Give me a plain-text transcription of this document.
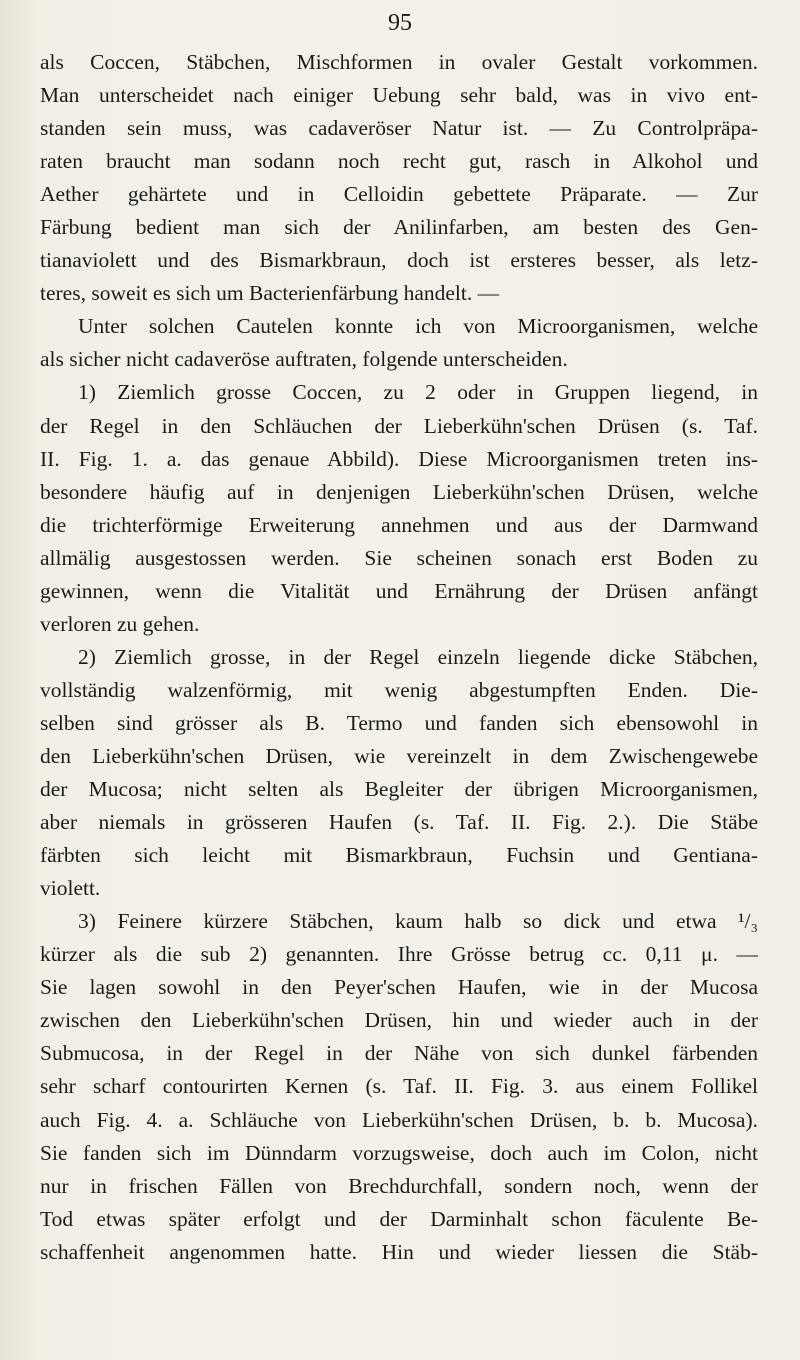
95
als Coccen, Stäbchen, Mischformen in ovaler Gestalt vorkommen.
Man unterscheidet nach einiger Uebung sehr bald, was in vivo ent-
standen sein muss, was cadaveröser Natur ist. — Zu Controlpräpa-
raten braucht man sodann noch recht gut, rasch in Alkohol und
Aether gehärtete und in Celloidin gebettete Präparate. — Zur
Färbung bedient man sich der Anilinfarben, am besten des Gen-
tianaviolett und des Bismarkbraun, doch ist ersteres besser, als letz-
teres, soweit es sich um Bacterienfärbung handelt. —
Unter solchen Cautelen konnte ich von Microorganismen, welche
als sicher nicht cadaveröse auftraten, folgende unterscheiden.
1) Ziemlich grosse Coccen, zu 2 oder in Gruppen liegend, in
der Regel in den Schläuchen der Lieberkühn'schen Drüsen (s. Taf.
II. Fig. 1. a. das genaue Abbild). Diese Microorganismen treten ins-
besondere häufig auf in denjenigen Lieberkühn'schen Drüsen, welche
die trichterförmige Erweiterung annehmen und aus der Darmwand
allmälig ausgestossen werden. Sie scheinen sonach erst Boden zu
gewinnen, wenn die Vitalität und Ernährung der Drüsen anfängt
verloren zu gehen.
2) Ziemlich grosse, in der Regel einzeln liegende dicke Stäbchen,
vollständig walzenförmig, mit wenig abgestumpften Enden. Die-
selben sind grösser als B. Termo und fanden sich ebensowohl in
den Lieberkühn'schen Drüsen, wie vereinzelt in dem Zwischengewebe
der Mucosa; nicht selten als Begleiter der übrigen Microorganismen,
aber niemals in grösseren Haufen (s. Taf. II. Fig. 2.). Die Stäbe
färbten sich leicht mit Bismarkbraun, Fuchsin und Gentiana-
violett.
3) Feinere kürzere Stäbchen, kaum halb so dick und etwa ¹/₃
kürzer als die sub 2) genannten. Ihre Grösse betrug cc. 0,11 μ. —
Sie lagen sowohl in den Peyer'schen Haufen, wie in der Mucosa
zwischen den Lieberkühn'schen Drüsen, hin und wieder auch in der
Submucosa, in der Regel in der Nähe von sich dunkel färbenden
sehr scharf contourirten Kernen (s. Taf. II. Fig. 3. aus einem Follikel
auch Fig. 4. a. Schläuche von Lieberkühn'schen Drüsen, b. b. Mucosa).
Sie fanden sich im Dünndarm vorzugsweise, doch auch im Colon, nicht
nur in frischen Fällen von Brechdurchfall, sondern noch, wenn der
Tod etwas später erfolgt und der Darminhalt schon fäculente Be-
schaffenheit angenommen hatte. Hin und wieder liessen die Stäb-
